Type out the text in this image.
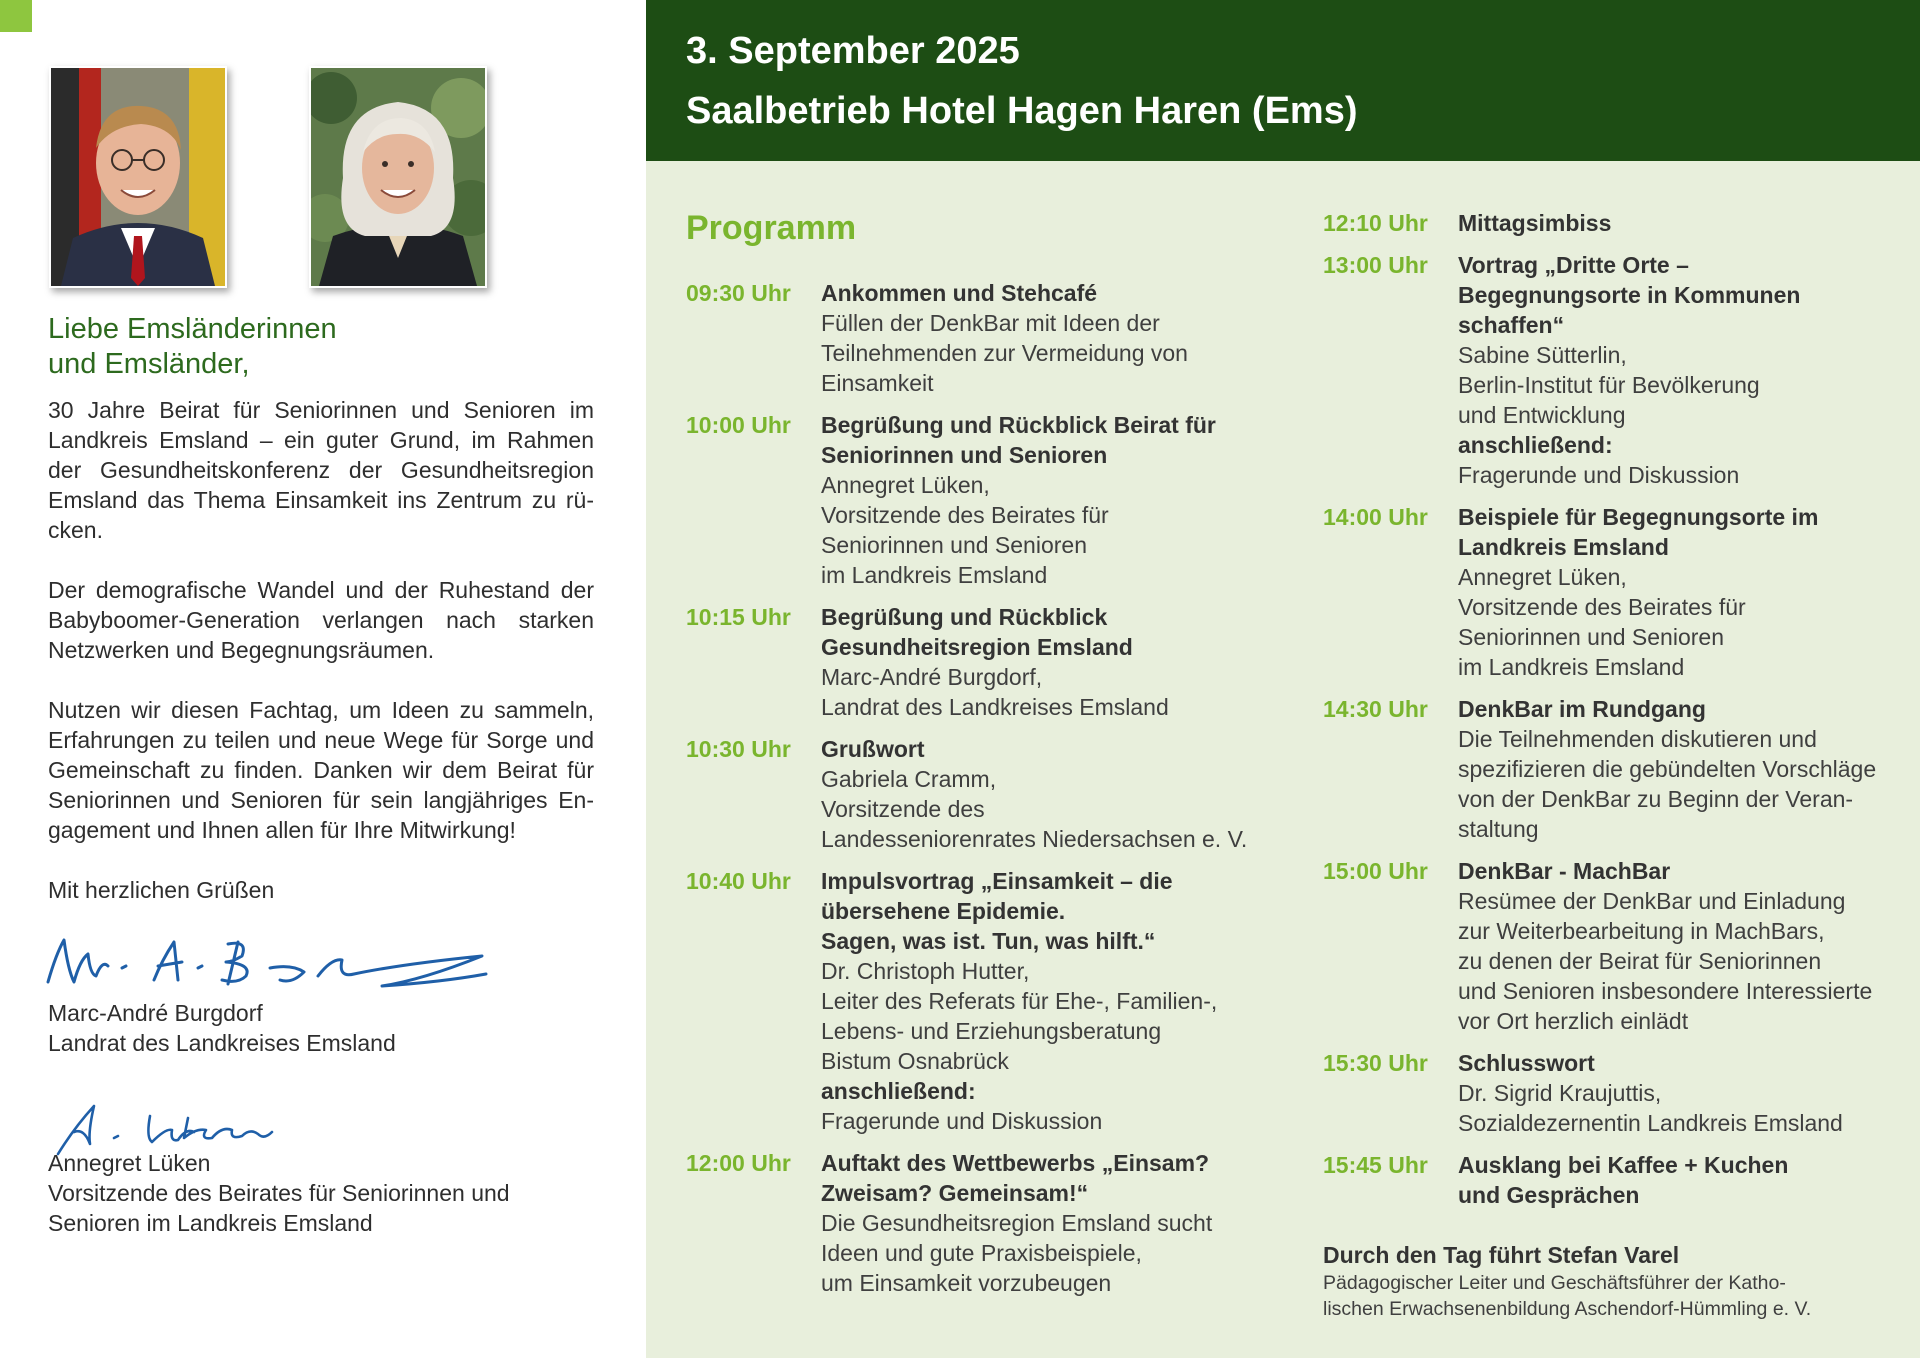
Liebe Emsländerinnen
und Emsländer,

30 Jahre Beirat für Seniorinnen und Senioren im Landkreis Emsland – ein guter Grund, im Rahmen der Gesundheitskonferenz der Gesundheitsregion Emsland das Thema Einsamkeit ins Zentrum zu rü- cken.

Der demografische Wandel und der Ruhestand der Babyboomer-Generation verlangen nach starken Netzwerken und Begegnungsräumen.

Nutzen wir diesen Fachtag, um Ideen zu sammeln, Erfahrungen zu teilen und neue Wege für Sorge und Gemeinschaft zu finden. Danken wir dem Beirat für Seniorinnen und Senioren für sein langjähriges En- gagement und Ihnen allen für Ihre Mitwirkung!

Mit herzlichen Grüßen

Marc-André Burgdorf
Landrat des Landkreises Emsland
Annegret Lüken
Vorsitzende des Beirates für Seniorinnen und
Senioren im Landkreis Emsland
3. September 2025
Saalbetrieb Hotel Hagen Haren (Ems)
Programm
09:30 Uhr Ankommen und Stehcafé
Füllen der DenkBar mit Ideen der
Teilnehmenden zur Vermeidung von
Einsamkeit
10:00 Uhr Begrüßung und Rückblick Beirat für
Seniorinnen und Senioren
Annegret Lüken,
Vorsitzende des Beirates für
Seniorinnen und Senioren
im Landkreis Emsland
10:15 Uhr Begrüßung und Rückblick
Gesundheitsregion Emsland
Marc-André Burgdorf,
Landrat des Landkreises Emsland
10:30 Uhr Grußwort
Gabriela Cramm,
Vorsitzende des
Landesseniorenrates Niedersachsen e. V.
10:40 Uhr Impulsvortrag „Einsamkeit – die
übersehene Epidemie.
Sagen, was ist. Tun, was hilft.“
Dr. Christoph Hutter,
Leiter des Referats für Ehe-, Familien-,
Lebens- und Erziehungsberatung
Bistum Osnabrück
anschließend:
Fragerunde und Diskussion
12:00 Uhr Auftakt des Wettbewerbs „Einsam?
Zweisam? Gemeinsam!“
Die Gesundheitsregion Emsland sucht
Ideen und gute Praxisbeispiele,
um Einsamkeit vorzubeugen
12:10 Uhr Mittagsimbiss
13:00 Uhr Vortrag „Dritte Orte –
Begegnungsorte in Kommunen
schaffen“
Sabine Sütterlin,
Berlin-Institut für Bevölkerung
und Entwicklung
anschließend:
Fragerunde und Diskussion
14:00 Uhr Beispiele für Begegnungsorte im
Landkreis Emsland
Annegret Lüken,
Vorsitzende des Beirates für
Seniorinnen und Senioren
im Landkreis Emsland
14:30 Uhr DenkBar im Rundgang
Die Teilnehmenden diskutieren und
spezifizieren die gebündelten Vorschläge
von der DenkBar zu Beginn der Veran-
staltung
15:00 Uhr DenkBar - MachBar
Resümee der DenkBar und Einladung
zur Weiterbearbeitung in MachBars,
zu denen der Beirat für Seniorinnen
und Senioren insbesondere Interessierte
vor Ort herzlich einlädt
15:30 Uhr Schlusswort
Dr. Sigrid Kraujuttis,
Sozialdezernentin Landkreis Emsland
15:45 Uhr Ausklang bei Kaffee + Kuchen
und Gesprächen
Durch den Tag führt Stefan Varel
Pädagogischer Leiter und Geschäftsführer der Katho-
lischen Erwachsenenbildung Aschendorf-Hümmling e. V.
